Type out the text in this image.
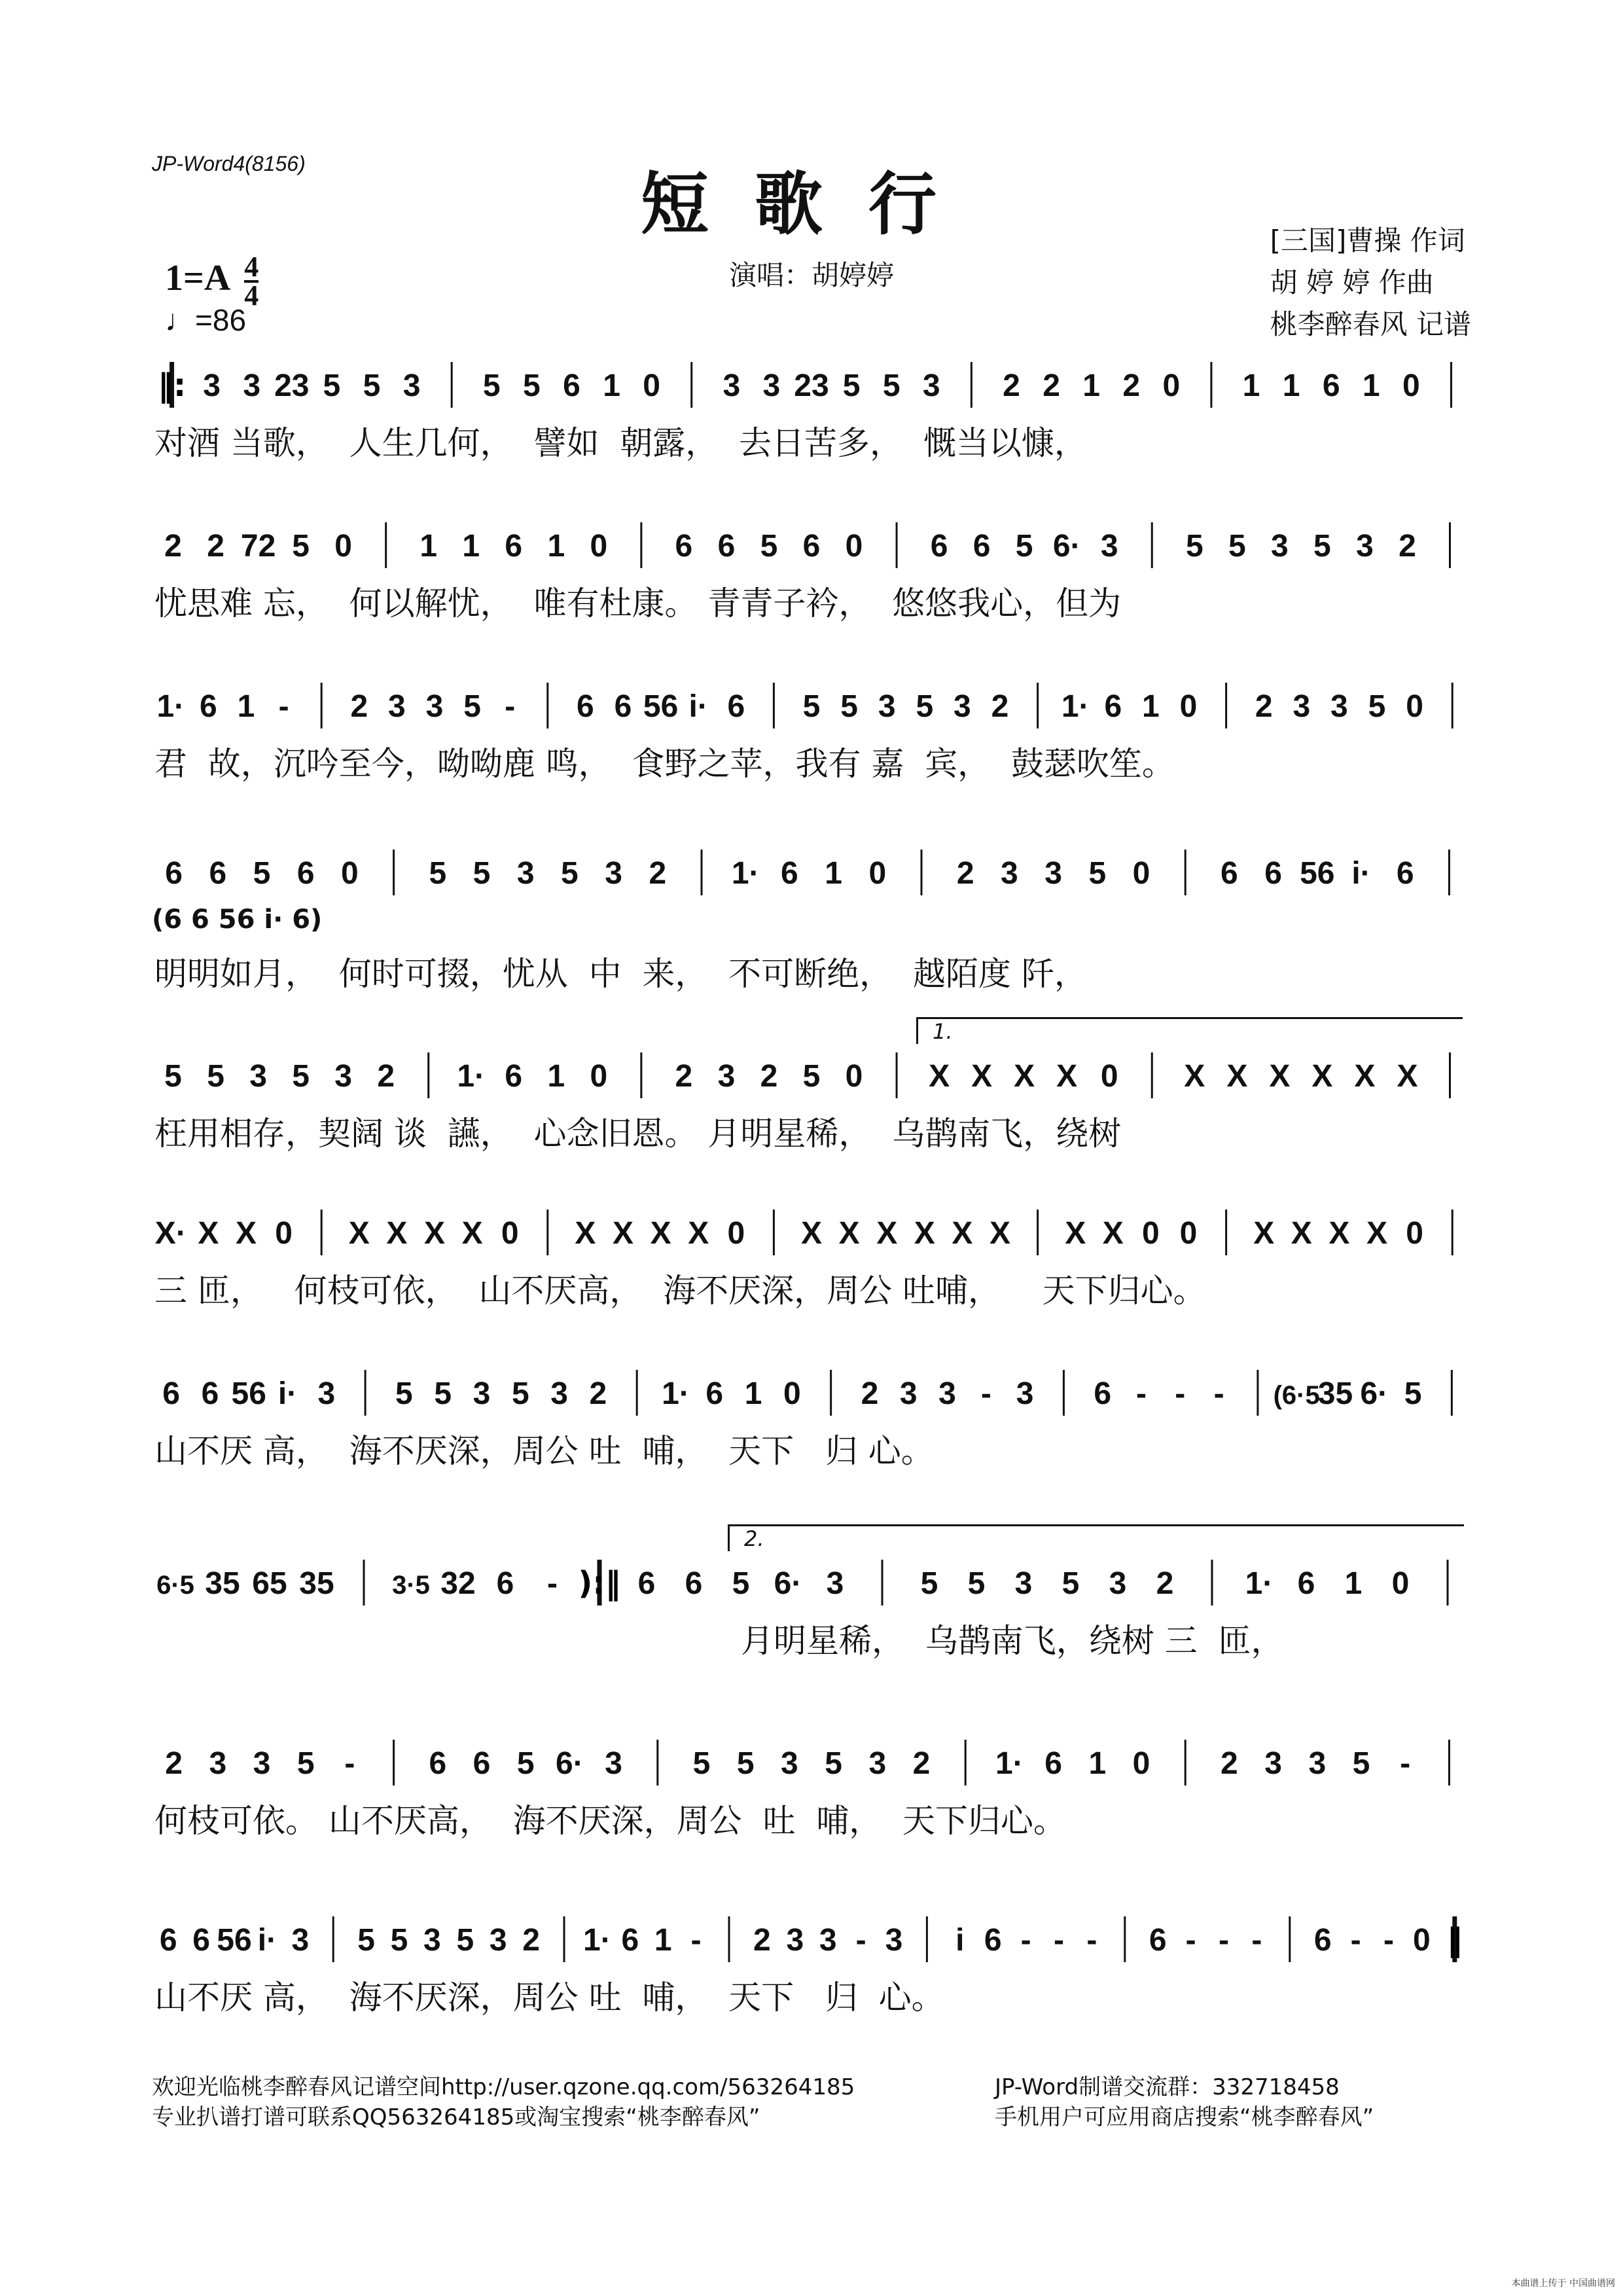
JP-Word4(8156)	短歌行
$1=A \frac{4}{4}$
♩=86
演唱：胡婷婷
[三国]曹操 作词
胡 婷 婷 作曲
桃李醉春风 记谱
‖: 3 3 23 5 5 3 5 5 6 1 0 3 3 23 5 5 3 2 2 1 2 0 1 1 6 1 0
对酒 当歌，  人生几何，  譬如  朝露，  去日苦多，  慨当以慷，
2 2 72 5 0 1 1 6 1 0 6 6 5 6 0 6 6 5 6· 3 5 5 3 5 3 2
忧思难 忘，  何以解忧，  唯有杜康。 青青子衿，  悠悠我心，但为
1· 6 1 - 2 3 3 5 - 6 6 56 i· 6 5 5 3 5 3 2 1· 6 1 0 2 3 3 5 0
君  故，沉吟至今，呦呦鹿 鸣，  食野之苹，我有 嘉  宾，  鼓瑟吹笙。
6 6 5 6 0 5 5 3 5 3 2 1· 6 1 0 2 3 3 5 0 6 6 56 i· 6
(6 6 56 i· 6)
明明如月，  何时可掇，忧从  中  来，  不可断绝，  越陌度 阡，
5 5 3 5 3 2 1· 6 1 0 2 3 2 5 0 X X X X 0 X X X X X X
1.
枉用相存，契阔 谈  讌，  心念旧恩。 月明星稀，  乌鹊南飞，绕树
X· X X 0 X X X X 0 X X X X 0 X X X X X X X X 0 0 X X X X 0
三 匝，   何枝可依，  山不厌高，  海不厌深，周公 吐哺，    天下归心。
6 6 56 i· 3 5 5 3 5 3 2 1· 6 1 0 2 3 3 - 3 6 - - - (6·5
35 6· 5
山不厌 高，  海不厌深，周公 吐  哺，  天下   归 心。
6·5 35 65 35 3·5 32 6 - ):‖ 6 6 5 6· 3 5 5 3 5 3 2 1· 6 1 0
2.
月明星稀，  乌鹊南飞，绕树 三  匝，
2 3 3 5 - 6 6 5 6· 3 5 5 3 5 3 2 1· 6 1 0 2 3 3 5 -
何枝可依。 山不厌高，  海不厌深，周公  吐  哺，  天下归心。
6 6 56 i· 3 5 5 3 5 3 2 1· 6 1 - 2 3 3 - 3 i 6 - - - 6 - - - 6 - - 0 ‖
山不厌 高，  海不厌深，周公 吐  哺，  天下   归  心。
欢迎光临桃李醉春风记谱空间http://user.qzone.qq.com/563264185
专业扒谱打谱可联系QQ563264185或淘宝搜索“桃李醉春风”
JP-Word制谱交流群：332718458
手机用户可应用商店搜索“桃李醉春风”
本曲谱上传于 中国曲谱网
